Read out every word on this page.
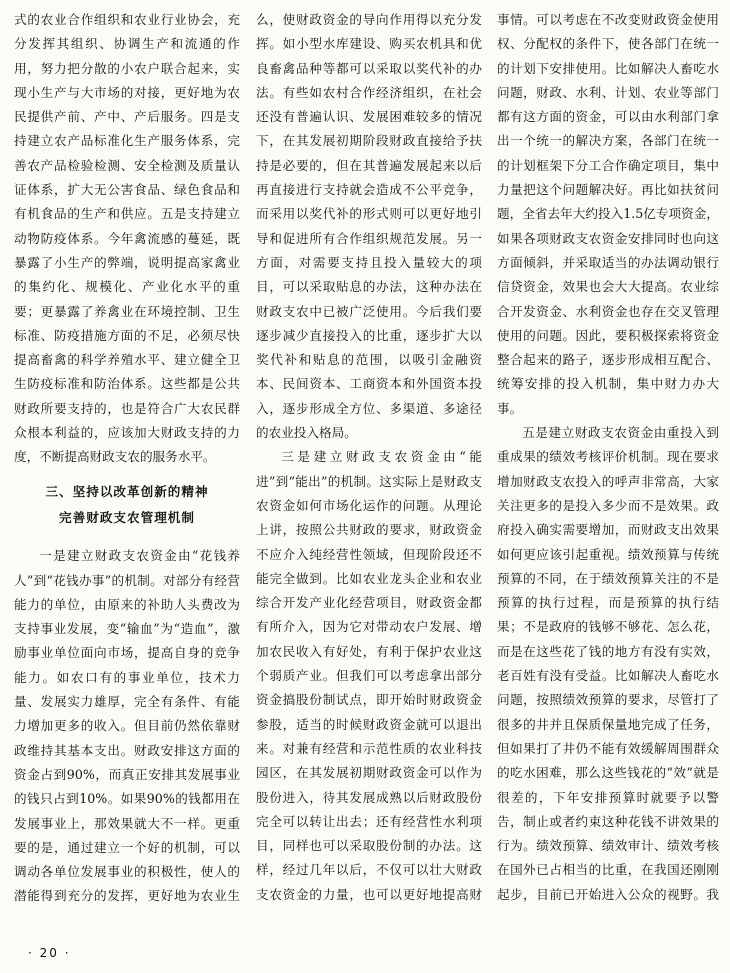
式的农业合作组织和农业行业协会，充分发挥其组织、协调生产和流通的作用，努力把分散的小农户联合起来，实现小生产与大市场的对接，更好地为农民提供产前、产中、产后服务。四是支持建立农产品标准化生产服务体系，完善农产品检验检测、安全检测及质量认证体系，扩大无公害食品、绿色食品和有机食品的生产和供应。五是支持建立动物防疫体系。今年禽流感的蔓延，既暴露了小生产的弊端，说明提高家禽业的集约化、规模化、产业化水平的重要；更暴露了养禽业在环境控制、卫生标准、防疫措施方面的不足，必须尽快提高畜禽的科学养殖水平、建立健全卫生防疫标准和防治体系。这些都是公共财政所要支持的，也是符合广大农民群众根本利益的，应该加大财政支持的力度，不断提高财政支农的服务水平。

三、坚持以改革创新的精神
完善财政支农管理机制

一是建立财政支农资金由“花钱养人”到“花钱办事”的机制。对部分有经营能力的单位，由原来的补助人头费改为支持事业发展，变“输血”为“造血”，激励事业单位面向市场，提高自身的竞争能力。如农口有的事业单位，技术力量、发展实力雄厚，完全有条件、有能力增加更多的收入。但目前仍然依靠财政维持其基本支出。财政安排这方面的资金占到90%，而真正安排其发展事业的钱只占到10%。如果90%的钱都用在发展事业上，那效果就大不一样。更重要的是，通过建立一个好的机制，可以调动各单位发展事业的积极性，使人的潜能得到充分的发挥，更好地为农业生

么，使财政资金的导向作用得以充分发挥。如小型水库建设、购买农机具和优良畜禽品种等都可以采取以奖代补的办法。有些如农村合作经济组织，在社会还没有普遍认识、发展困难较多的情况下，在其发展初期阶段财政直接给予扶持是必要的，但在其普遍发展起来以后再直接进行支持就会造成不公平竞争，而采用以奖代补的形式则可以更好地引导和促进所有合作组织规范发展。另一方面，对需要支持且投入量较大的项目，可以采取贴息的办法，这种办法在财政支农中已被广泛使用。今后我们要逐步减少直接投入的比重，逐步扩大以奖代补和贴息的范围，以吸引金融资本、民间资本、工商资本和外国资本投入，逐步形成全方位、多渠道、多途径的农业投入格局。

三是建立财政支农资金由“能进”到“能出”的机制。这实际上是财政支农资金如何市场化运作的问题。从理论上讲，按照公共财政的要求，财政资金不应介入纯经营性领域，但现阶段还不能完全做到。比如农业龙头企业和农业综合开发产业化经营项目，财政资金都有所介入，因为它对带动农户发展、增加农民收入有好处，有利于保护农业这个弱质产业。但我们可以考虑拿出部分资金搞股份制试点，即开始时财政资金参股，适当的时候财政资金就可以退出来。对兼有经营和示范性质的农业科技园区，在其发展初期财政资金可以作为股份进入，待其发展成熟以后财政股份完全可以转让出去；还有经营性水利项目，同样也可以采取股份制的办法。这样，经过几年以后，不仅可以壮大财政支农资金的力量，也可以更好地提高财

事情。可以考虑在不改变财政资金使用权、分配权的条件下，使各部门在统一的计划下安排使用。比如解决人畜吃水问题，财政、水利、计划、农业等部门都有这方面的资金，可以由水利部门拿出一个统一的解决方案，各部门在统一的计划框架下分工合作确定项目，集中力量把这个问题解决好。再比如扶贫问题，全省去年大约投入1.5亿专项资金，如果各项财政支农资金安排同时也向这方面倾斜，并采取适当的办法调动银行信贷资金，效果也会大大提高。农业综合开发资金、水利资金也存在交叉管理使用的问题。因此，要积极探索将资金整合起来的路子，逐步形成相互配合、统筹安排的投入机制，集中财力办大事。

五是建立财政支农资金由重投入到重成果的绩效考核评价机制。现在要求增加财政支农投入的呼声非常高，大家关注更多的是投入多少而不是效果。政府投入确实需要增加，而财政支出效果如何更应该引起重视。绩效预算与传统预算的不同，在于绩效预算关注的不是预算的执行过程，而是预算的执行结果；不是政府的钱够不够花、怎么花，而是在这些花了钱的地方有没有实效，老百姓有没有受益。比如解决人畜吃水问题，按照绩效预算的要求，尽管打了很多的井并且保质保量地完成了任务，但如果打了井仍不能有效缓解周围群众的吃水困难，那么这些钱花的“效”就是很差的，下年安排预算时就要予以警告，制止或者约束这种花钱不讲效果的行为。绩效预算、绩效审计、绩效考核在国外已占相当的比重，在我国还刚刚起步，目前已开始进入公众的视野。我

· 20 ·
